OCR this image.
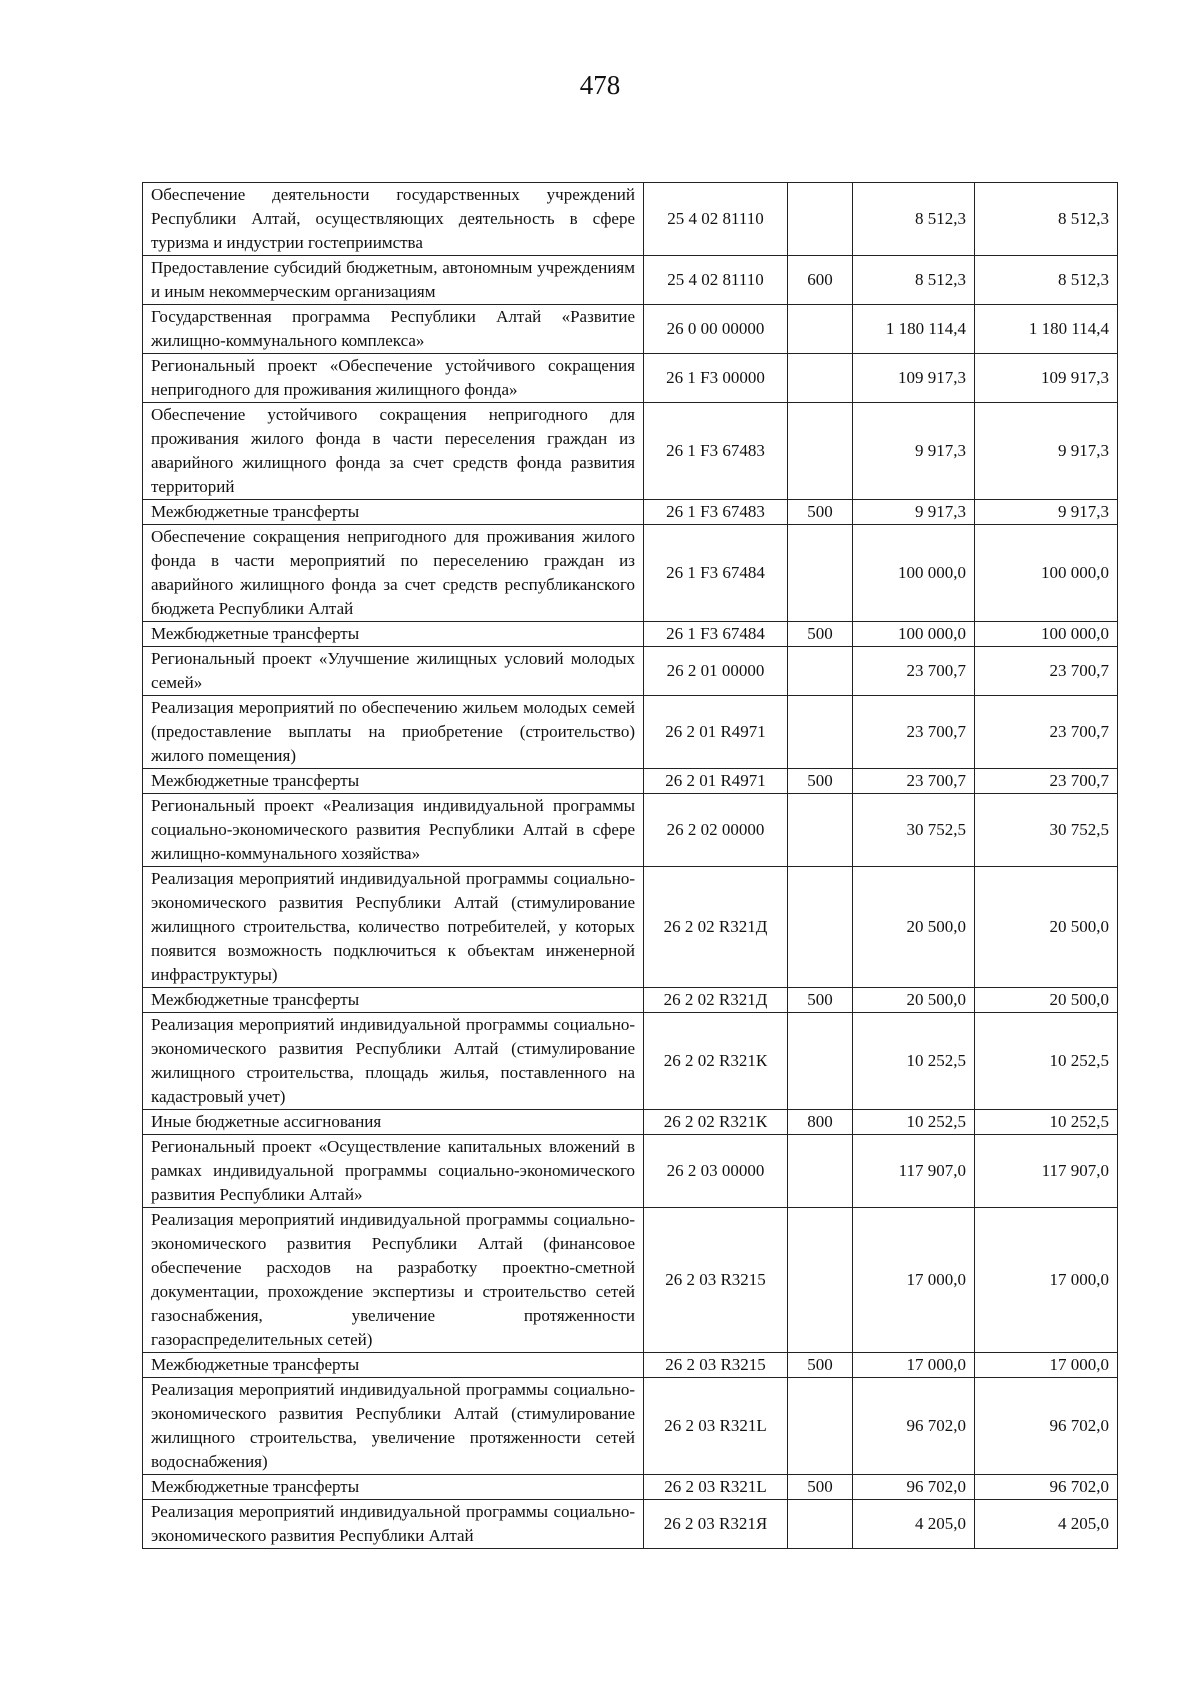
478
Обеспечение деятельности государственных учреждений Республики Алтай, осуществляющих деятельность в сфере туризма и индустрии гостеприимства	25 4 02 81110		8 512,3	8 512,3
Предоставление субсидий бюджетным, автономным учреждениям и иным некоммерческим организациям	25 4 02 81110	600	8 512,3	8 512,3
Государственная программа Республики Алтай «Развитие жилищно-коммунального комплекса»	26 0 00 00000		1 180 114,4	1 180 114,4
Региональный проект «Обеспечение устойчивого сокращения непригодного для проживания жилищного фонда»	26 1 F3 00000		109 917,3	109 917,3
Обеспечение устойчивого сокращения непригодного для проживания жилого фонда в части переселения граждан из аварийного жилищного фонда за счет средств фонда развития территорий	26 1 F3 67483		9 917,3	9 917,3
Межбюджетные трансферты	26 1 F3 67483	500	9 917,3	9 917,3
Обеспечение сокращения непригодного для проживания жилого фонда в части мероприятий по переселению граждан из аварийного жилищного фонда за счет средств республиканского бюджета Республики Алтай	26 1 F3 67484		100 000,0	100 000,0
Межбюджетные трансферты	26 1 F3 67484	500	100 000,0	100 000,0
Региональный проект «Улучшение жилищных условий молодых семей»	26 2 01 00000		23 700,7	23 700,7
Реализация мероприятий по обеспечению жильем молодых семей (предоставление выплаты на приобретение (строительство) жилого помещения)	26 2 01 R4971		23 700,7	23 700,7
Межбюджетные трансферты	26 2 01 R4971	500	23 700,7	23 700,7
Региональный проект «Реализация индивидуальной программы социально-экономического развития Республики Алтай в сфере жилищно-коммунального хозяйства»	26 2 02 00000		30 752,5	30 752,5
Реализация мероприятий индивидуальной программы социально-экономического развития Республики Алтай (стимулирование жилищного строительства, количество потребителей, у которых появится возможность подключиться к объектам инженерной инфраструктуры)	26 2 02 R321Д		20 500,0	20 500,0
Межбюджетные трансферты	26 2 02 R321Д	500	20 500,0	20 500,0
Реализация мероприятий индивидуальной программы социально-экономического развития Республики Алтай (стимулирование жилищного строительства, площадь жилья, поставленного на кадастровый учет)	26 2 02 R321К		10 252,5	10 252,5
Иные бюджетные ассигнования	26 2 02 R321К	800	10 252,5	10 252,5
Региональный проект «Осуществление капитальных вложений в рамках индивидуальной программы социально-экономического развития Республики Алтай»	26 2 03 00000		117 907,0	117 907,0
Реализация мероприятий индивидуальной программы социально-экономического развития Республики Алтай (финансовое обеспечение расходов на разработку проектно-сметной документации, прохождение экспертизы и строительство сетей газоснабжения, увеличение протяженности газораспределительных сетей)	26 2 03 R3215		17 000,0	17 000,0
Межбюджетные трансферты	26 2 03 R3215	500	17 000,0	17 000,0
Реализация мероприятий индивидуальной программы социально-экономического развития Республики Алтай (стимулирование жилищного строительства, увеличение протяженности сетей водоснабжения)	26 2 03 R321L		96 702,0	96 702,0
Межбюджетные трансферты	26 2 03 R321L	500	96 702,0	96 702,0
Реализация мероприятий индивидуальной программы социально-экономического развития Республики Алтай	26 2 03 R321Я		4 205,0	4 205,0
